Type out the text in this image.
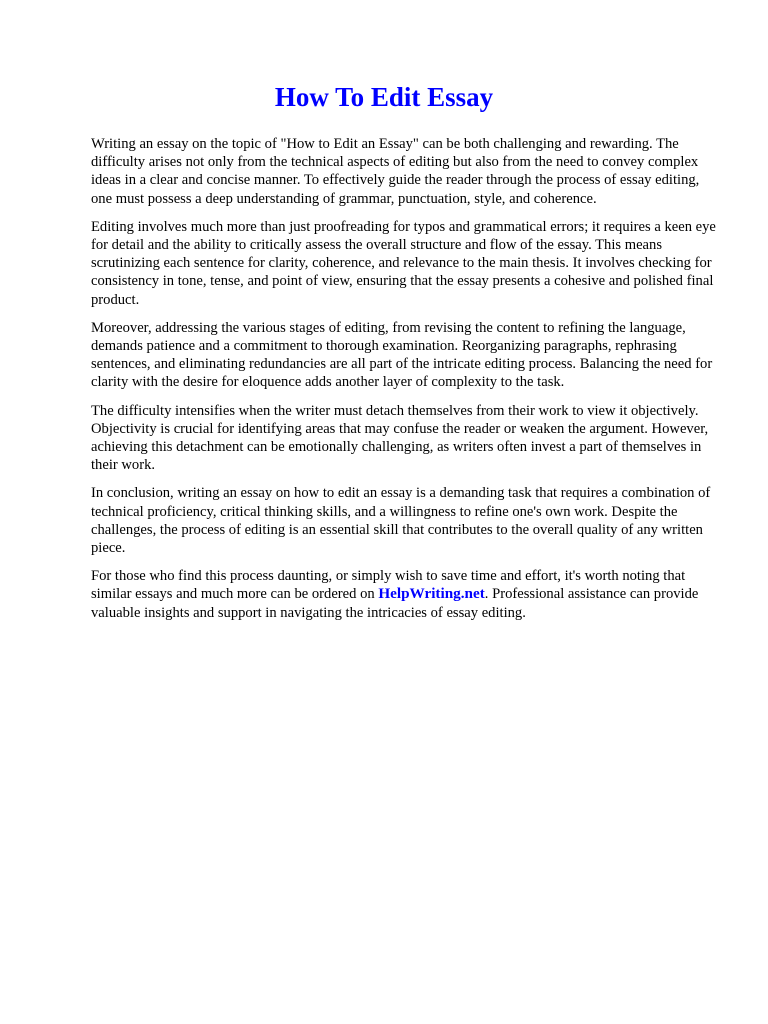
How To Edit Essay

Writing an essay on the topic of "How to Edit an Essay" can be both challenging and rewarding. The difficulty arises not only from the technical aspects of editing but also from the need to convey complex ideas in a clear and concise manner. To effectively guide the reader through the process of essay editing, one must possess a deep understanding of grammar, punctuation, style, and coherence.

Editing involves much more than just proofreading for typos and grammatical errors; it requires a keen eye for detail and the ability to critically assess the overall structure and flow of the essay. This means scrutinizing each sentence for clarity, coherence, and relevance to the main thesis. It involves checking for consistency in tone, tense, and point of view, ensuring that the essay presents a cohesive and polished final product.

Moreover, addressing the various stages of editing, from revising the content to refining the language, demands patience and a commitment to thorough examination. Reorganizing paragraphs, rephrasing sentences, and eliminating redundancies are all part of the intricate editing process. Balancing the need for clarity with the desire for eloquence adds another layer of complexity to the task.

The difficulty intensifies when the writer must detach themselves from their work to view it objectively. Objectivity is crucial for identifying areas that may confuse the reader or weaken the argument. However, achieving this detachment can be emotionally challenging, as writers often invest a part of themselves in their work.

In conclusion, writing an essay on how to edit an essay is a demanding task that requires a combination of technical proficiency, critical thinking skills, and a willingness to refine one's own work. Despite the challenges, the process of editing is an essential skill that contributes to the overall quality of any written piece.

For those who find this process daunting, or simply wish to save time and effort, it's worth noting that similar essays and much more can be ordered on HelpWriting.net. Professional assistance can provide valuable insights and support in navigating the intricacies of essay editing.
